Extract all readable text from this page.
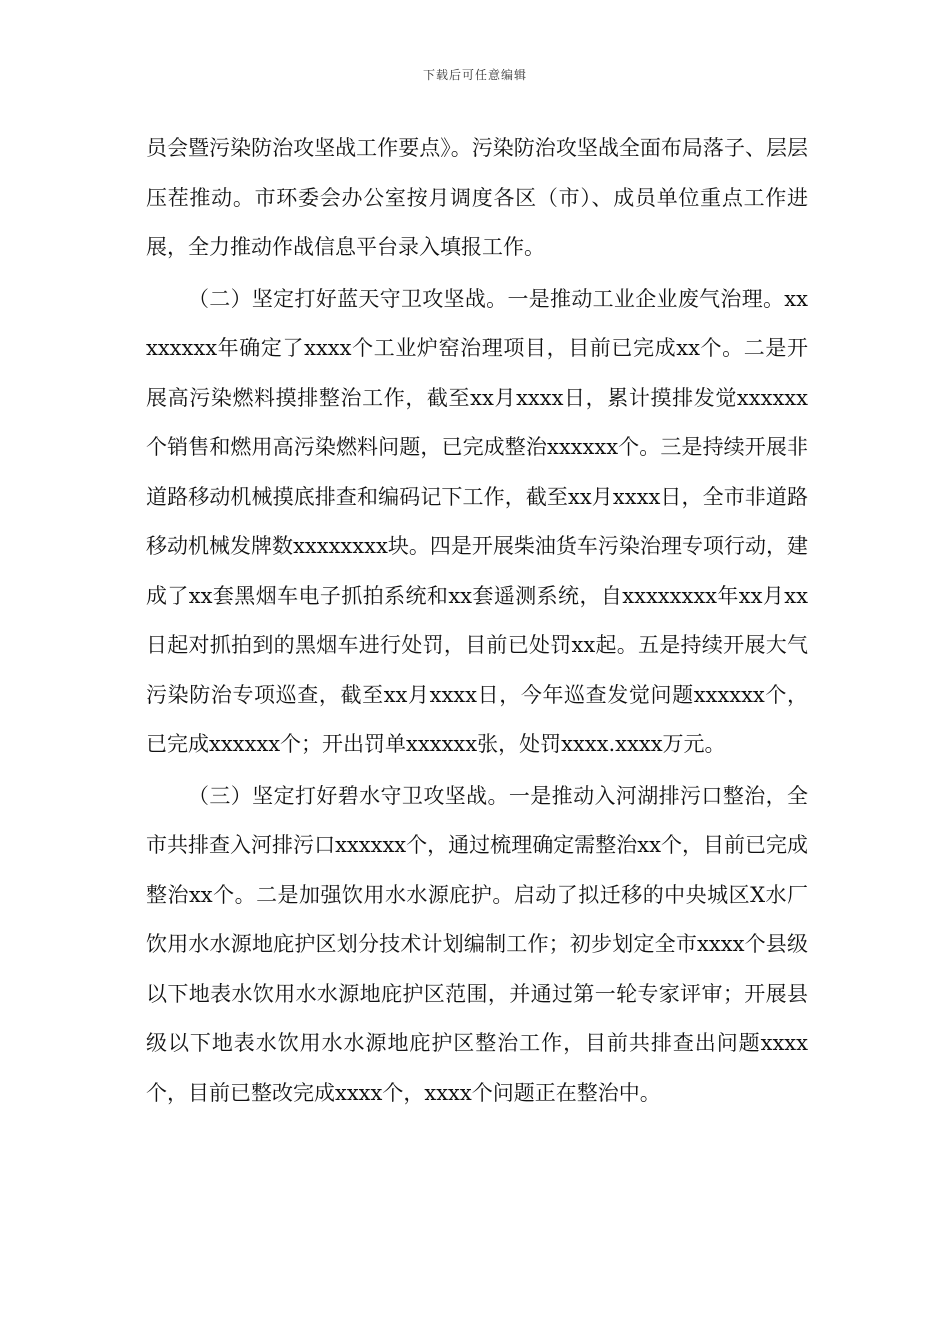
下载后可任意编辑

员会暨污染防治攻坚战工作要点》。污染防治攻坚战全面布局落子、层层压茬推动。市环委会办公室按月调度各区（市）、成员单位重点工作进展，全力推动作战信息平台录入填报工作。

（二）坚定打好蓝天守卫攻坚战。一是推动工业企业废气治理。xxxxxxxx年确定了xxxx个工业炉窑治理项目，目前已完成xx个。二是开展高污染燃料摸排整治工作，截至xx月xxxx日，累计摸排发觉xxxxxx个销售和燃用高污染燃料问题，已完成整治xxxxxx个。三是持续开展非道路移动机械摸底排查和编码记下工作，截至xx月xxxx日，全市非道路移动机械发牌数xxxxxxxx块。四是开展柴油货车污染治理专项行动，建成了xx套黑烟车电子抓拍系统和xx套遥测系统，自xxxxxxxx年xx月xx日起对抓拍到的黑烟车进行处罚，目前已处罚xx起。五是持续开展大气污染防治专项巡查，截至xx月xxxx日，今年巡查发觉问题xxxxxx个，已完成xxxxxx个；开出罚单xxxxxx张，处罚xxxx.xxxx万元。

（三）坚定打好碧水守卫攻坚战。一是推动入河湖排污口整治，全市共排查入河排污口xxxxxx个，通过梳理确定需整治xx个，目前已完成整治xx个。二是加强饮用水水源庇护。启动了拟迁移的中央城区X水厂饮用水水源地庇护区划分技术计划编制工作；初步划定全市xxxx个县级以下地表水饮用水水源地庇护区范围，并通过第一轮专家评审；开展县级以下地表水饮用水水源地庇护区整治工作，目前共排查出问题xxxx个，目前已整改完成xxxx个，xxxx个问题正在整治中。
